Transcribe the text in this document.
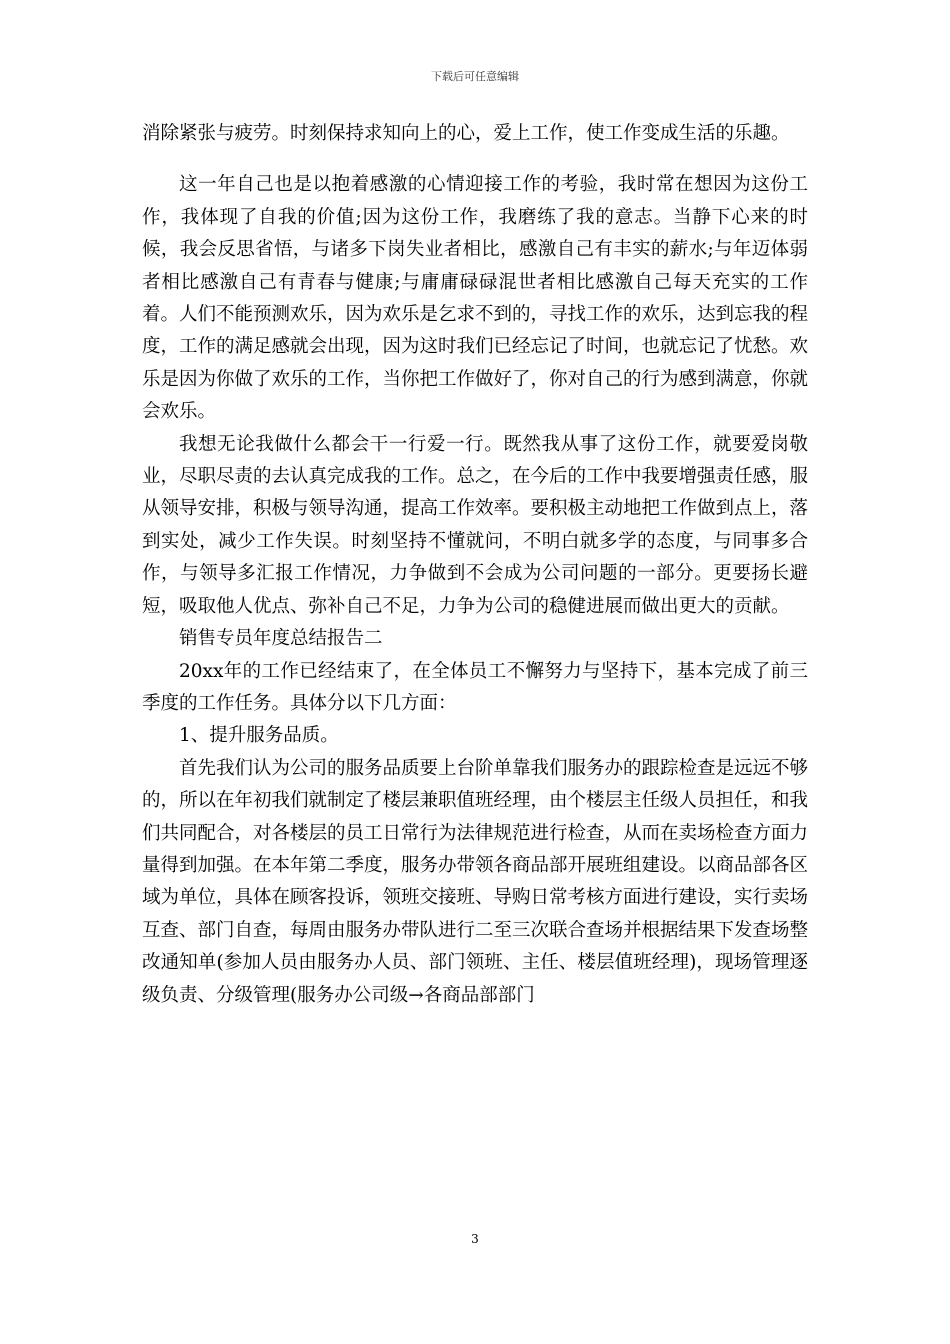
下载后可任意编辑

消除紧张与疲劳。时刻保持求知向上的心，爱上工作，使工作变成生活的乐趣。

这一年自己也是以抱着感激的心情迎接工作的考验，我时常在想因为这份工作，我体现了自我的价值;因为这份工作，我磨练了我的意志。当静下心来的时候，我会反思省悟，与诸多下岗失业者相比，感激自己有丰实的薪水;与年迈体弱者相比感激自己有青春与健康;与庸庸碌碌混世者相比感激自己每天充实的工作着。人们不能预测欢乐，因为欢乐是乞求不到的，寻找工作的欢乐，达到忘我的程度，工作的满足感就会出现，因为这时我们已经忘记了时间，也就忘记了忧愁。欢乐是因为你做了欢乐的工作，当你把工作做好了，你对自己的行为感到满意，你就会欢乐。

我想无论我做什么都会干一行爱一行。既然我从事了这份工作，就要爱岗敬业，尽职尽责的去认真完成我的工作。总之，在今后的工作中我要增强责任感，服从领导安排，积极与领导沟通，提高工作效率。要积极主动地把工作做到点上，落到实处，减少工作失误。时刻坚持不懂就问，不明白就多学的态度，与同事多合作，与领导多汇报工作情况，力争做到不会成为公司问题的一部分。更要扬长避短，吸取他人优点、弥补自己不足，力争为公司的稳健进展而做出更大的贡献。

销售专员年度总结报告二

20xx年的工作已经结束了，在全体员工不懈努力与坚持下，基本完成了前三季度的工作任务。具体分以下几方面：

1、提升服务品质。

首先我们认为公司的服务品质要上台阶单靠我们服务办的跟踪检查是远远不够的，所以在年初我们就制定了楼层兼职值班经理，由个楼层主任级人员担任，和我们共同配合，对各楼层的员工日常行为法律规范进行检查，从而在卖场检查方面力量得到加强。在本年第二季度，服务办带领各商品部开展班组建设。以商品部各区域为单位，具体在顾客投诉，领班交接班、导购日常考核方面进行建设，实行卖场互查、部门自查，每周由服务办带队进行二至三次联合查场并根据结果下发查场整改通知单(参加人员由服务办人员、部门领班、主任、楼层值班经理)，现场管理逐级负责、分级管理(服务办公司级→各商品部部门

3
